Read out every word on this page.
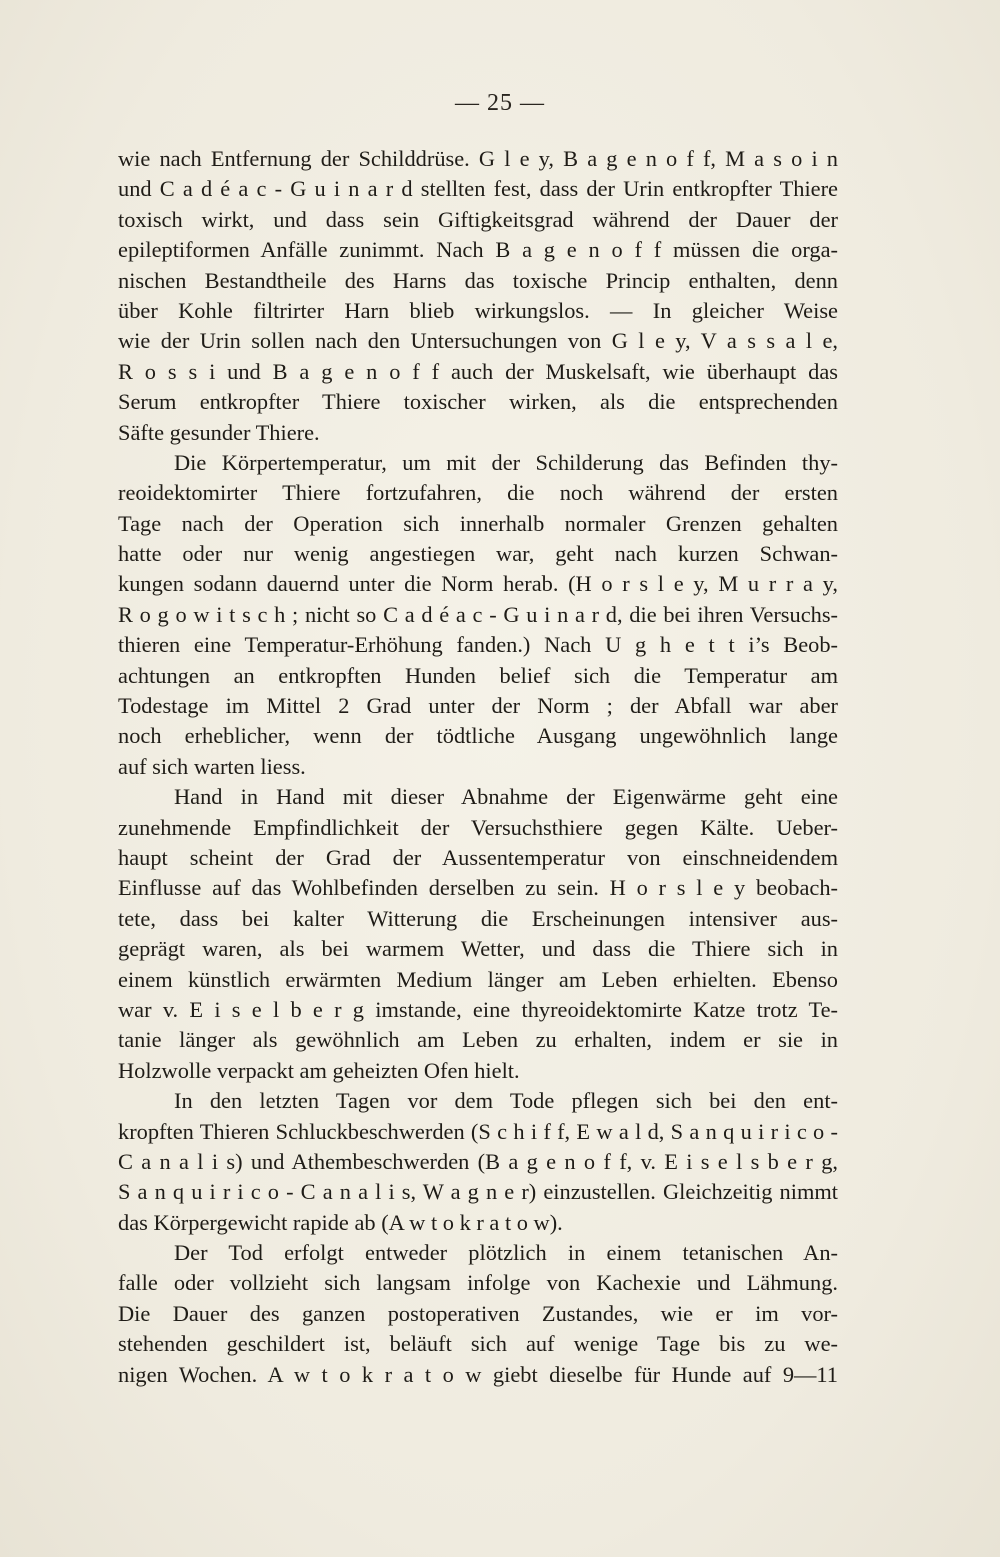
— 25 —
wie nach Entfernung der Schilddrüse. G l e y, B a g e n o f f, M a s o i n
und C a d é a c - G u i n a r d stellten fest, dass der Urin entkropfter Thiere
toxisch wirkt, und dass sein Giftigkeitsgrad während der Dauer der
epileptiformen Anfälle zunimmt. Nach B a g e n o f f müssen die orga-
nischen Bestandtheile des Harns das toxische Princip enthalten, denn
über Kohle filtrirter Harn blieb wirkungslos. — In gleicher Weise
wie der Urin sollen nach den Untersuchungen von G l e y, V a s s a l e,
R o s s i und B a g e n o f f auch der Muskelsaft, wie überhaupt das
Serum entkropfter Thiere toxischer wirken, als die entsprechenden
Säfte gesunder Thiere.
Die Körpertemperatur, um mit der Schilderung das Befinden thy-
reoidektomirter Thiere fortzufahren, die noch während der ersten
Tage nach der Operation sich innerhalb normaler Grenzen gehalten
hatte oder nur wenig angestiegen war, geht nach kurzen Schwan-
kungen sodann dauernd unter die Norm herab. (H o r s l e y, M u r r a y,
R o g o w i t s c h ; nicht so C a d é a c - G u i n a r d, die bei ihren Versuchs-
thieren eine Temperatur-Erhöhung fanden.) Nach U g h e t t i’s Beob-
achtungen an entkropften Hunden belief sich die Temperatur am
Todestage im Mittel 2 Grad unter der Norm ; der Abfall war aber
noch erheblicher, wenn der tödtliche Ausgang ungewöhnlich lange
auf sich warten liess.
Hand in Hand mit dieser Abnahme der Eigenwärme geht eine
zunehmende Empfindlichkeit der Versuchsthiere gegen Kälte. Ueber-
haupt scheint der Grad der Aussentemperatur von einschneidendem
Einflusse auf das Wohlbefinden derselben zu sein. H o r s l e y beobach-
tete, dass bei kalter Witterung die Erscheinungen intensiver aus-
geprägt waren, als bei warmem Wetter, und dass die Thiere sich in
einem künstlich erwärmten Medium länger am Leben erhielten. Ebenso
war v. E i s e l b e r g imstande, eine thyreoidektomirte Katze trotz Te-
tanie länger als gewöhnlich am Leben zu erhalten, indem er sie in
Holzwolle verpackt am geheizten Ofen hielt.
In den letzten Tagen vor dem Tode pflegen sich bei den ent-
kropften Thieren Schluckbeschwerden (S c h i f f, E w a l d, S a n q u i r i c o -
C a n a l i s) und Athembeschwerden (B a g e n o f f, v. E i s e l s b e r g,
S a n q u i r i c o - C a n a l i s, W a g n e r) einzustellen. Gleichzeitig nimmt
das Körpergewicht rapide ab (A w t o k r a t o w).
Der Tod erfolgt entweder plötzlich in einem tetanischen An-
falle oder vollzieht sich langsam infolge von Kachexie und Lähmung.
Die Dauer des ganzen postoperativen Zustandes, wie er im vor-
stehenden geschildert ist, beläuft sich auf wenige Tage bis zu we-
nigen Wochen. A w t o k r a t o w giebt dieselbe für Hunde auf 9—11
